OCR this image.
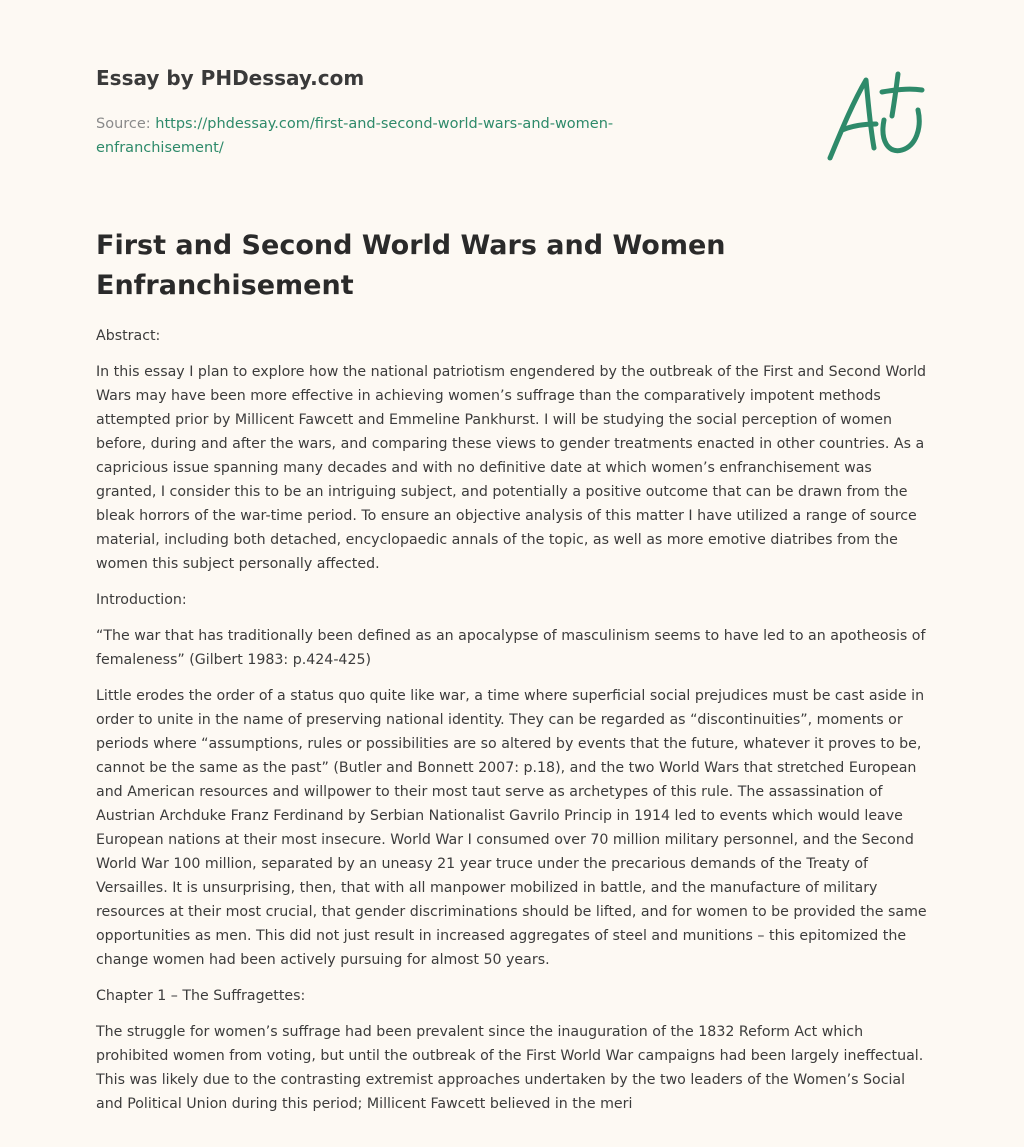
Essay by PHDessay.com
Source: https://phdessay.com/first-and-second-world-wars-and-women-enfranchisement/
First and Second World Wars and Women Enfranchisement

Abstract:

In this essay I plan to explore how the national patriotism engendered by the outbreak of the First and Second World Wars may have been more effective in achieving women’s suffrage than the comparatively impotent methods attempted prior by Millicent Fawcett and Emmeline Pankhurst. I will be studying the social perception of women before, during and after the wars, and comparing these views to gender treatments enacted in other countries. As a capricious issue spanning many decades and with no definitive date at which women’s enfranchisement was granted, I consider this to be an intriguing subject, and potentially a positive outcome that can be drawn from the bleak horrors of the war-time period. To ensure an objective analysis of this matter I have utilized a range of source material, including both detached, encyclopaedic annals of the topic, as well as more emotive diatribes from the women this subject personally affected.

Introduction:

“The war that has traditionally been defined as an apocalypse of masculinism seems to have led to an apotheosis of femaleness” (Gilbert 1983: p.424-425)

Little erodes the order of a status quo quite like war, a time where superficial social prejudices must be cast aside in order to unite in the name of preserving national identity. They can be regarded as “discontinuities”, moments or periods where “assumptions, rules or possibilities are so altered by events that the future, whatever it proves to be, cannot be the same as the past” (Butler and Bonnett 2007: p.18), and the two World Wars that stretched European and American resources and willpower to their most taut serve as archetypes of this rule. The assassination of Austrian Archduke Franz Ferdinand by Serbian Nationalist Gavrilo Princip in 1914 led to events which would leave European nations at their most insecure. World War I consumed over 70 million military personnel, and the Second World War 100 million, separated by an uneasy 21 year truce under the precarious demands of the Treaty of Versailles. It is unsurprising, then, that with all manpower mobilized in battle, and the manufacture of military resources at their most crucial, that gender discriminations should be lifted, and for women to be provided the same opportunities as men. This did not just result in increased aggregates of steel and munitions – this epitomized the change women had been actively pursuing for almost 50 years.

Chapter 1 – The Suffragettes:

The struggle for women’s suffrage had been prevalent since the inauguration of the 1832 Reform Act which prohibited women from voting, but until the outbreak of the First World War campaigns had been largely ineffectual. This was likely due to the contrasting extremist approaches undertaken by the two leaders of the Women’s Social and Political Union during this period; Millicent Fawcett believed in the meri
